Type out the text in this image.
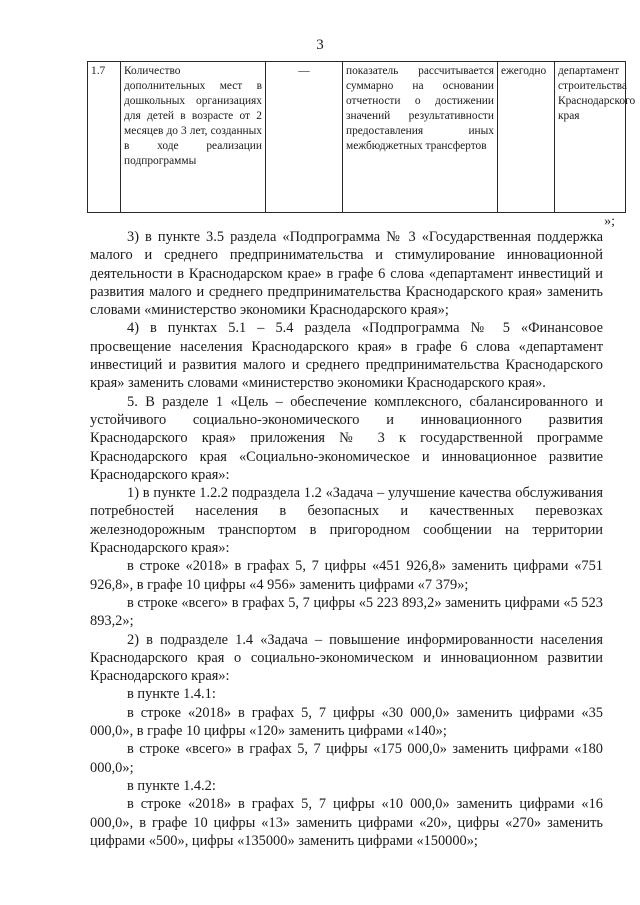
3
1.7	Количество дополнительных мест в дошкольных организациях для детей в возрасте от 2 месяцев до 3 лет, созданных в ходе реализации подпрограммы	—	показатель рассчитывается суммарно на основании отчетности о достижении значений результативности предоставления иных межбюджетных трансфертов	ежегодно	департамент строительства Краснодарского края
»;

3) в пункте 3.5 раздела «Подпрограмма № 3 «Государственная поддержка малого и среднего предпринимательства и стимулирование инновационной деятельности в Краснодарском крае» в графе 6 слова «департамент инвестиций и развития малого и среднего предпринимательства Краснодарского края» заменить словами «министерство экономики Краснодарского края»;

4) в пунктах 5.1 – 5.4 раздела «Подпрограмма № 5 «Финансовое просвещение населения Краснодарского края» в графе 6 слова «департамент инвестиций и развития малого и среднего предпринимательства Краснодарского края» заменить словами «министерство экономики Краснодарского края».

5. В разделе 1 «Цель – обеспечение комплексного, сбалансированного и устойчивого социально-экономического и инновационного развития Краснодарского края» приложения № 3 к государственной программе Краснодарского края «Социально-экономическое и инновационное развитие Краснодарского края»:

1) в пункте 1.2.2 подраздела 1.2 «Задача – улучшение качества обслуживания потребностей населения в безопасных и качественных перевозках железнодорожным транспортом в пригородном сообщении на территории Краснодарского края»:

в строке «2018» в графах 5, 7 цифры «451 926,8» заменить цифрами «751 926,8», в графе 10 цифры «4 956» заменить цифрами «7 379»;

в строке «всего» в графах 5, 7 цифры «5 223 893,2» заменить цифрами «5 523 893,2»;

2) в подразделе 1.4 «Задача – повышение информированности населения Краснодарского края о социально-экономическом и инновационном развитии Краснодарского края»:

в пункте 1.4.1:

в строке «2018» в графах 5, 7 цифры «30 000,0» заменить цифрами «35 000,0», в графе 10 цифры «120» заменить цифрами «140»;

в строке «всего» в графах 5, 7 цифры «175 000,0» заменить цифрами «180 000,0»;

в пункте 1.4.2:

в строке «2018» в графах 5, 7 цифры «10 000,0» заменить цифрами «16 000,0», в графе 10 цифры «13» заменить цифрами «20», цифры «270» заменить цифрами «500», цифры «135000» заменить цифрами «150000»;
